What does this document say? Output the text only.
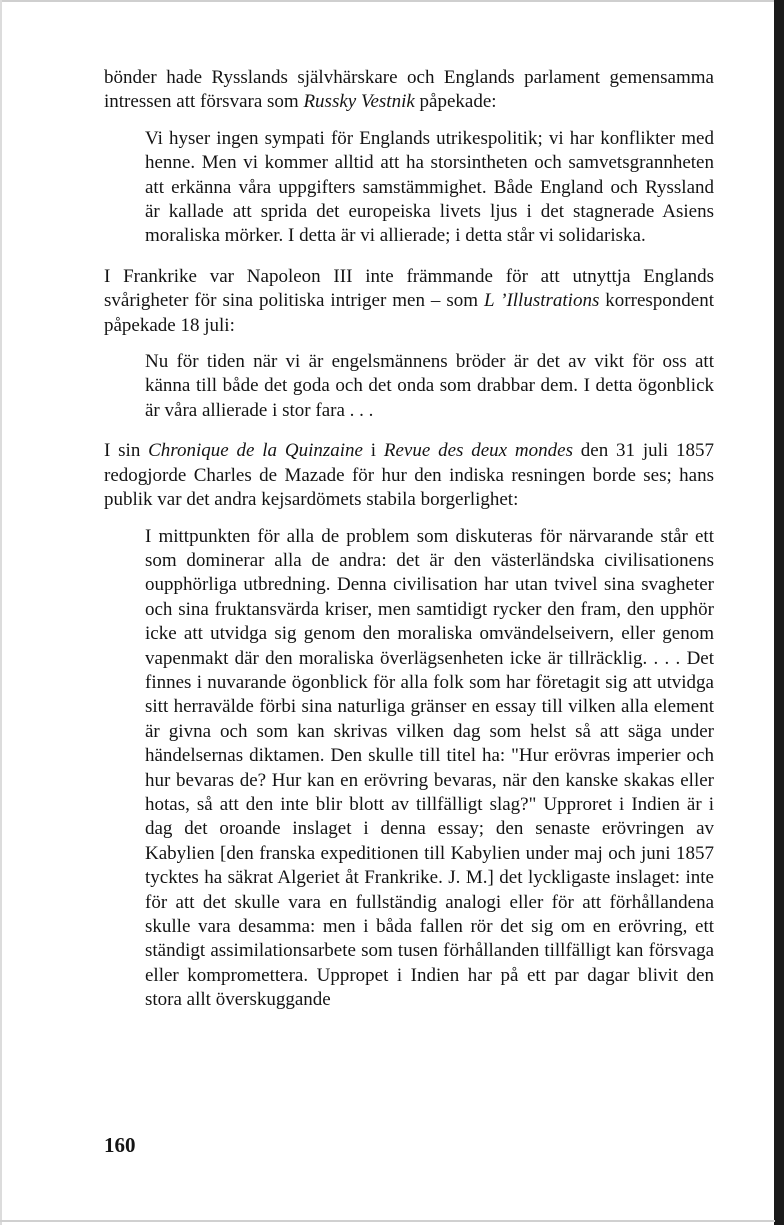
bönder hade Rysslands självhärskare och Englands parlament gemensamma intressen att försvara som Russky Vestnik påpekade:

Vi hyser ingen sympati för Englands utrikespolitik; vi har konflikter med henne. Men vi kommer alltid att ha storsintheten och samvetsgrannheten att erkänna våra uppgifters samstämmighet. Både England och Ryssland är kallade att sprida det europeiska livets ljus i det stagnerade Asiens moraliska mörker. I detta är vi allierade; i detta står vi solidariska.

I Frankrike var Napoleon III inte främmande för att utnyttja Englands svårigheter för sina politiska intriger men – som L ’Illustrations korrespondent påpekade 18 juli:

Nu för tiden när vi är engelsmännens bröder är det av vikt för oss att känna till både det goda och det onda som drabbar dem. I detta ögonblick är våra allierade i stor fara . . .

I sin Chronique de la Quinzaine i Revue des deux mondes den 31 juli 1857 redogjorde Charles de Mazade för hur den indiska resningen borde ses; hans publik var det andra kejsardömets stabila borgerlighet:

I mittpunkten för alla de problem som diskuteras för närvarande står ett som dominerar alla de andra: det är den västerländska civilisationens oupphörliga utbredning. Denna civilisation har utan tvivel sina svagheter och sina fruktansvärda kriser, men samtidigt rycker den fram, den upphör icke att utvidga sig genom den moraliska omvändelseivern, eller genom vapenmakt där den moraliska överlägsenheten icke är tillräcklig. . . . Det finnes i nuvarande ögonblick för alla folk som har företagit sig att utvidga sitt herravälde förbi sina naturliga gränser en essay till vilken alla element är givna och som kan skrivas vilken dag som helst så att säga under händelsernas diktamen. Den skulle till titel ha: "Hur erövras imperier och hur bevaras de? Hur kan en erövring bevaras, när den kanske skakas eller hotas, så att den inte blir blott av tillfälligt slag?" Upproret i Indien är i dag det oroande inslaget i denna essay; den senaste erövringen av Kabylien [den franska expeditionen till Kabylien under maj och juni 1857 tycktes ha säkrat Algeriet åt Frankrike. J. M.] det lyckligaste inslaget: inte för att det skulle vara en fullständig analogi eller för att förhållandena skulle vara desamma: men i båda fallen rör det sig om en erövring, ett ständigt assimilationsarbete som tusen förhållanden tillfälligt kan försvaga eller kompromettera. Uppropet i Indien har på ett par dagar blivit den stora allt överskuggande

160
